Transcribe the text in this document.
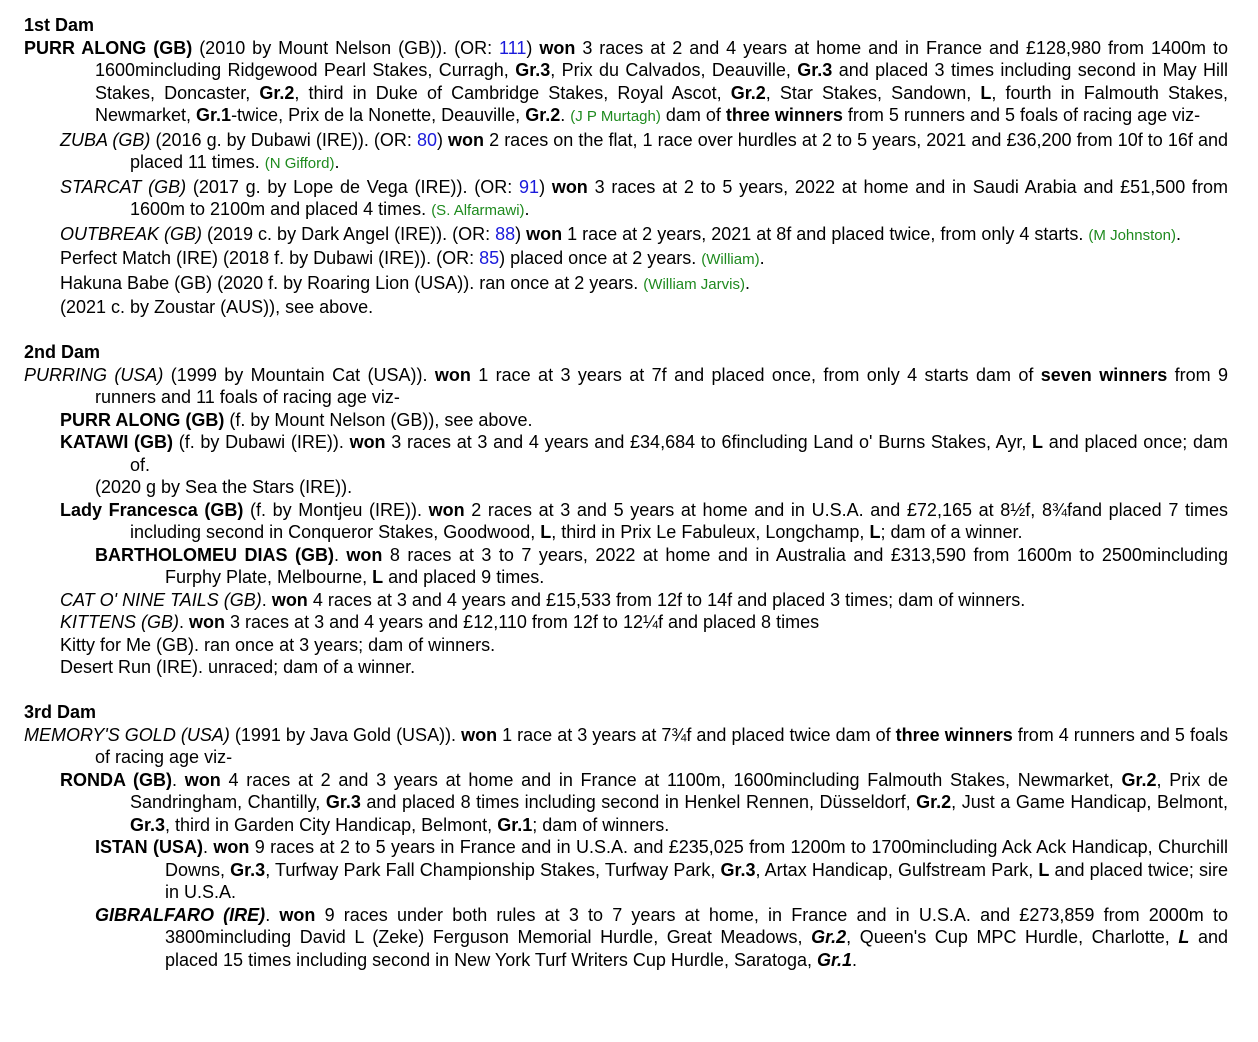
1st Dam
PURR ALONG (GB) (2010 by Mount Nelson (GB)). (OR: 111) won 3 races at 2 and 4 years at home and in France and £128,980 from 1400m to 1600mincluding Ridgewood Pearl Stakes, Curragh, Gr.3, Prix du Calvados, Deauville, Gr.3 and placed 3 times including second in May Hill Stakes, Doncaster, Gr.2, third in Duke of Cambridge Stakes, Royal Ascot, Gr.2, Star Stakes, Sandown, L, fourth in Falmouth Stakes, Newmarket, Gr.1-twice, Prix de la Nonette, Deauville, Gr.2. (J P Murtagh) dam of three winners from 5 runners and 5 foals of racing age viz-
ZUBA (GB) (2016 g. by Dubawi (IRE)). (OR: 80) won 2 races on the flat, 1 race over hurdles at 2 to 5 years, 2021 and £36,200 from 10f to 16f and placed 11 times. (N Gifford).
STARCAT (GB) (2017 g. by Lope de Vega (IRE)). (OR: 91) won 3 races at 2 to 5 years, 2022 at home and in Saudi Arabia and £51,500 from 1600m to 2100m and placed 4 times. (S. Alfarmawi).
OUTBREAK (GB) (2019 c. by Dark Angel (IRE)). (OR: 88) won 1 race at 2 years, 2021 at 8f and placed twice, from only 4 starts. (M Johnston).
Perfect Match (IRE) (2018 f. by Dubawi (IRE)). (OR: 85) placed once at 2 years. (William).
Hakuna Babe (GB) (2020 f. by Roaring Lion (USA)). ran once at 2 years. (William Jarvis).
(2021 c. by Zoustar (AUS)), see above.
2nd Dam
PURRING (USA) (1999 by Mountain Cat (USA)). won 1 race at 3 years at 7f and placed once, from only 4 starts dam of seven winners from 9 runners and 11 foals of racing age viz-
PURR ALONG (GB) (f. by Mount Nelson (GB)), see above.
KATAWI (GB) (f. by Dubawi (IRE)). won 3 races at 3 and 4 years and £34,684 to 6fincluding Land o' Burns Stakes, Ayr, L and placed once; dam of.
(2020 g by Sea the Stars (IRE)).
Lady Francesca (GB) (f. by Montjeu (IRE)). won 2 races at 3 and 5 years at home and in U.S.A. and £72,165 at 8½f, 8¾fand placed 7 times including second in Conqueror Stakes, Goodwood, L, third in Prix Le Fabuleux, Longchamp, L; dam of a winner.
BARTHOLOMEU DIAS (GB). won 8 races at 3 to 7 years, 2022 at home and in Australia and £313,590 from 1600m to 2500mincluding Furphy Plate, Melbourne, L and placed 9 times.
CAT O' NINE TAILS (GB). won 4 races at 3 and 4 years and £15,533 from 12f to 14f and placed 3 times; dam of winners.
KITTENS (GB). won 3 races at 3 and 4 years and £12,110 from 12f to 12¼f and placed 8 times
Kitty for Me (GB). ran once at 3 years; dam of winners.
Desert Run (IRE). unraced; dam of a winner.
3rd Dam
MEMORY'S GOLD (USA) (1991 by Java Gold (USA)). won 1 race at 3 years at 7¾f and placed twice dam of three winners from 4 runners and 5 foals of racing age viz-
RONDA (GB). won 4 races at 2 and 3 years at home and in France at 1100m, 1600mincluding Falmouth Stakes, Newmarket, Gr.2, Prix de Sandringham, Chantilly, Gr.3 and placed 8 times including second in Henkel Rennen, Düsseldorf, Gr.2, Just a Game Handicap, Belmont, Gr.3, third in Garden City Handicap, Belmont, Gr.1; dam of winners.
ISTAN (USA). won 9 races at 2 to 5 years in France and in U.S.A. and £235,025 from 1200m to 1700mincluding Ack Ack Handicap, Churchill Downs, Gr.3, Turfway Park Fall Championship Stakes, Turfway Park, Gr.3, Artax Handicap, Gulfstream Park, L and placed twice; sire in U.S.A.
GIBRALFARO (IRE). won 9 races under both rules at 3 to 7 years at home, in France and in U.S.A. and £273,859 from 2000m to 3800mincluding David L (Zeke) Ferguson Memorial Hurdle, Great Meadows, Gr.2, Queen's Cup MPC Hurdle, Charlotte, L and placed 15 times including second in New York Turf Writers Cup Hurdle, Saratoga, Gr.1.
